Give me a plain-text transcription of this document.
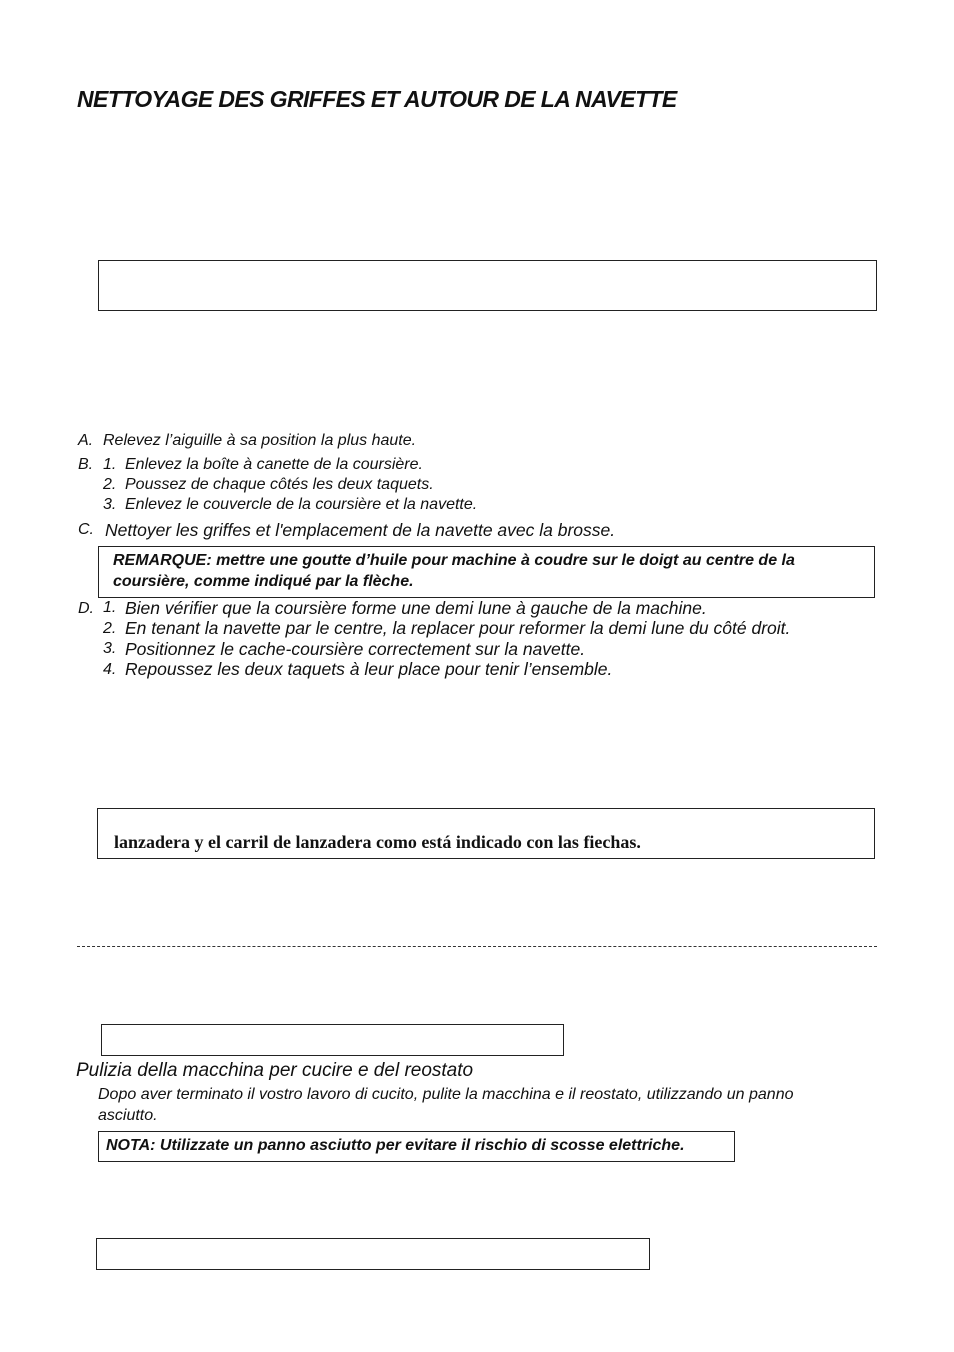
NETTOYAGE DES GRIFFES ET AUTOUR DE LA NAVETTE
A. Relevez l’aiguille à sa position la plus haute.
B. 1. Enlevez la boîte à canette de la coursière.
2. Poussez de chaque côtés les deux taquets.
3. Enlevez le couvercle de la coursière et la navette.
C. Nettoyer les griffes et l'emplacement de la navette avec la brosse.
REMARQUE: mettre une goutte d’huile pour machine à coudre sur le doigt au centre de la
coursière, comme indiqué par la flèche.
D. 1. Bien vérifier que la coursière forme une demi lune à gauche de la machine.
2. En tenant la navette par le centre, la replacer pour reformer la demi lune du côté droit.
3. Positionnez le cache-coursière correctement sur la navette.
4. Repoussez les deux taquets à leur place pour tenir l’ensemble.
lanzadera y el carril de lanzadera como está indicado con las fiechas.
Pulizia della macchina per cucire e del reostato
Dopo aver terminato il vostro lavoro di cucito, pulite la macchina e il reostato, utilizzando un panno
asciutto.
NOTA: Utilizzate un panno asciutto per evitare il rischio di scosse elettriche.
